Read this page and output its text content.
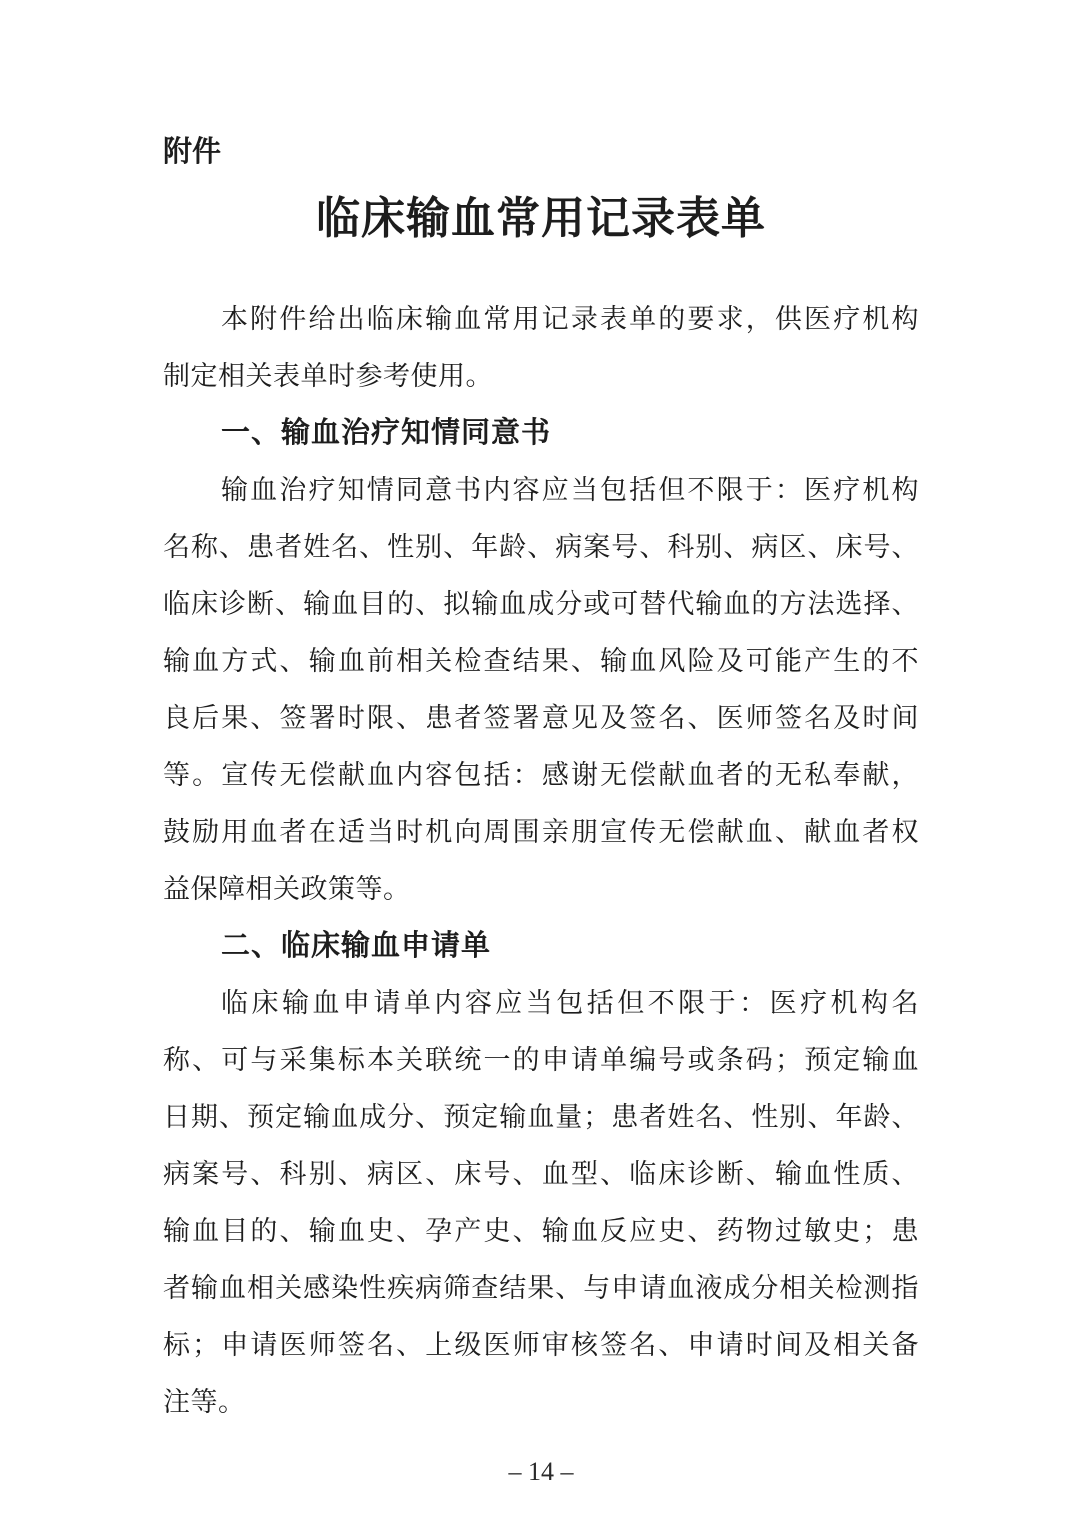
附件
临床输血常用记录表单
本附件给出临床输血常用记录表单的要求，供医疗机构
制定相关表单时参考使用。
一、输血治疗知情同意书
输血治疗知情同意书内容应当包括但不限于：医疗机构
名称、患者姓名、性别、年龄、病案号、科别、病区、床号、
临床诊断、输血目的、拟输血成分或可替代输血的方法选择、
输血方式、输血前相关检查结果、输血风险及可能产生的不
良后果、签署时限、患者签署意见及签名、医师签名及时间
等。宣传无偿献血内容包括：感谢无偿献血者的无私奉献，
鼓励用血者在适当时机向周围亲朋宣传无偿献血、献血者权
益保障相关政策等。
二、临床输血申请单
临床输血申请单内容应当包括但不限于：医疗机构名
称、可与采集标本关联统一的申请单编号或条码；预定输血
日期、预定输血成分、预定输血量；患者姓名、性别、年龄、
病案号、科别、病区、床号、血型、临床诊断、输血性质、
输血目的、输血史、孕产史、输血反应史、药物过敏史；患
者输血相关感染性疾病筛查结果、与申请血液成分相关检测指
标；申请医师签名、上级医师审核签名、申请时间及相关备
注等。
– 14 –
